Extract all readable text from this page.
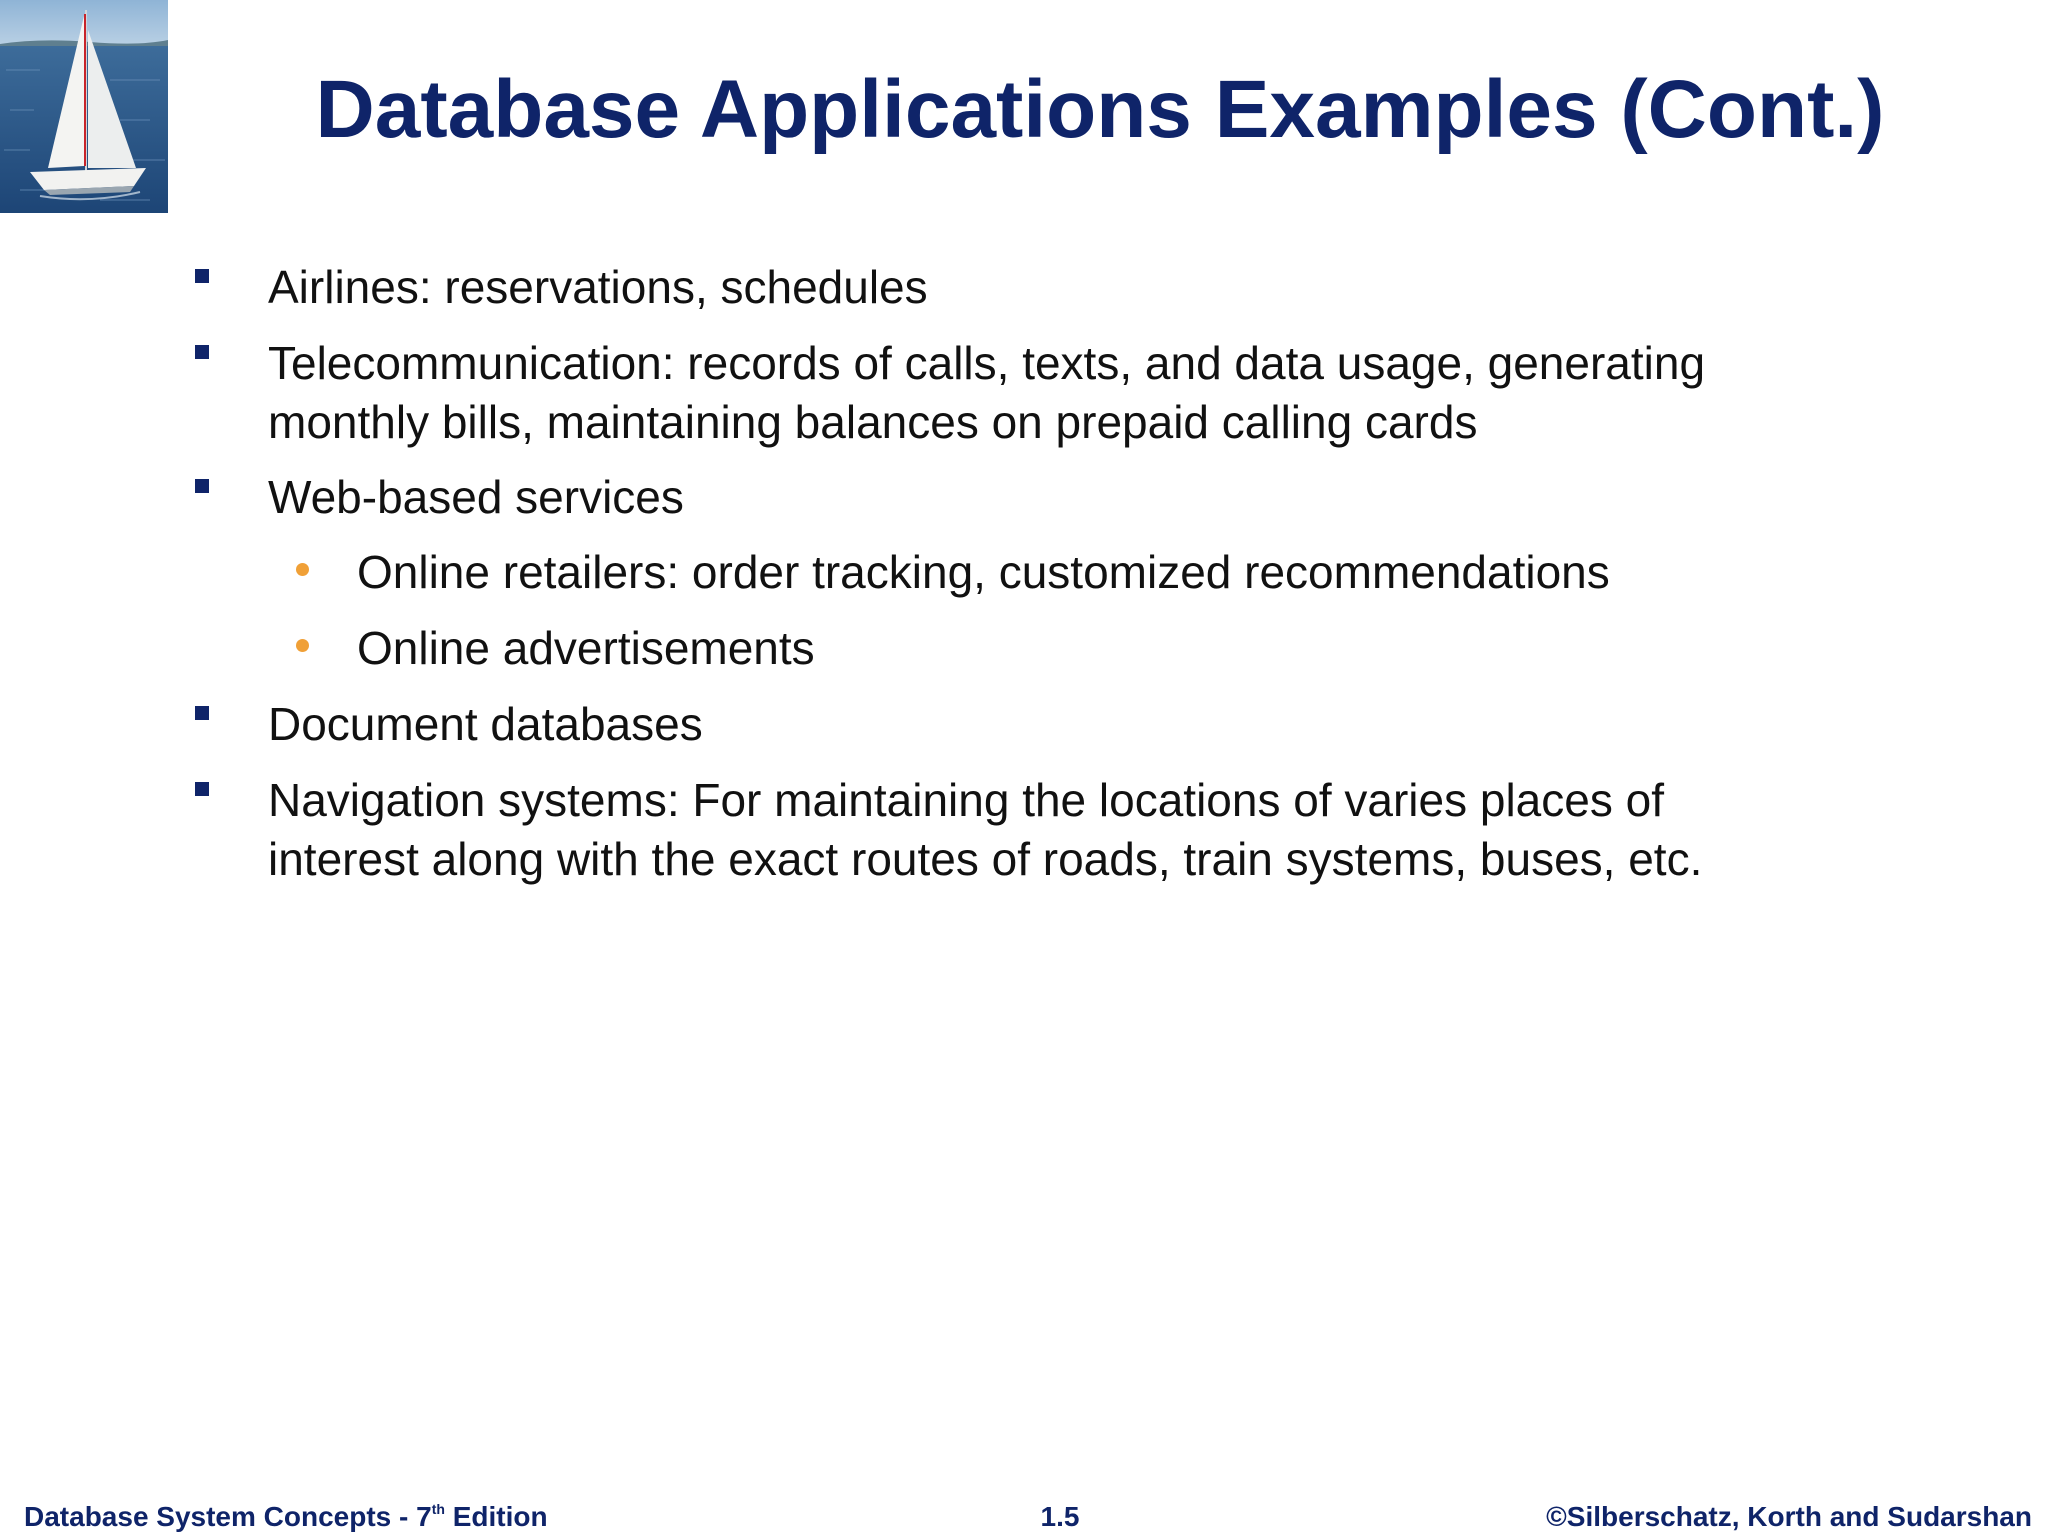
Database Applications Examples (Cont.)
Airlines: reservations, schedules
Telecommunication: records of calls, texts, and data usage, generating
monthly bills, maintaining balances on prepaid calling cards
Web-based services
Online retailers: order tracking, customized recommendations
Online advertisements
Document databases
Navigation systems: For maintaining the locations of varies places of
interest along with the exact routes of roads, train systems, buses, etc.
Database System Concepts - 7th Edition	1.5	©Silberschatz, Korth and Sudarshan
